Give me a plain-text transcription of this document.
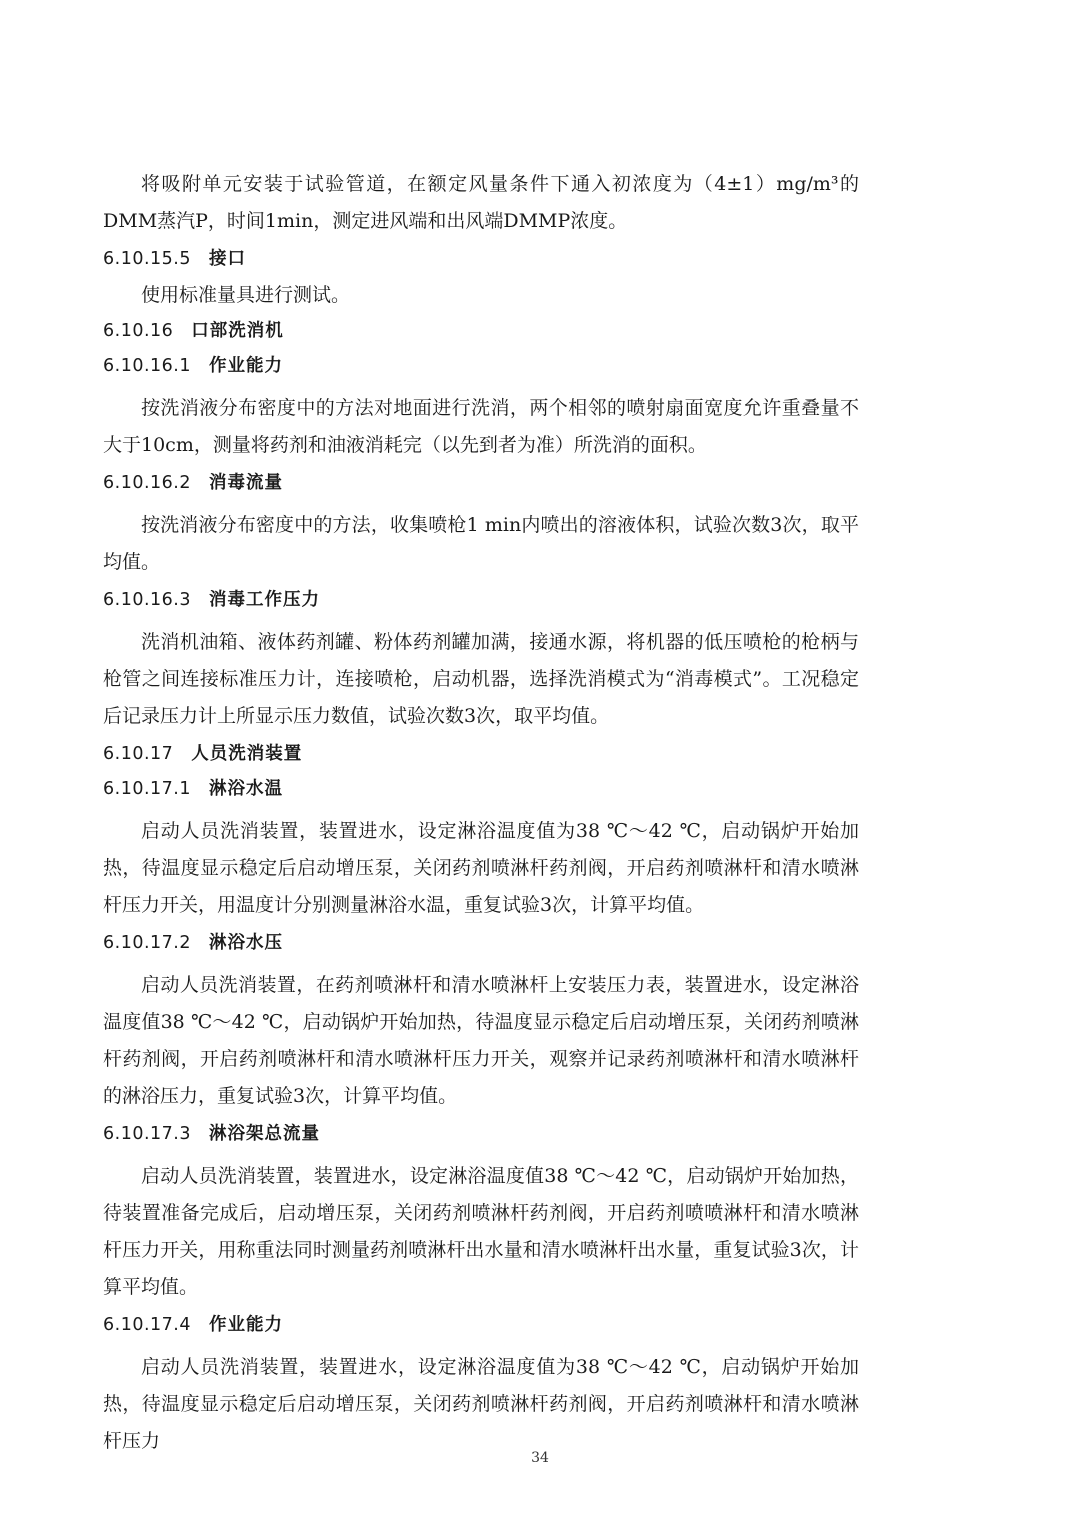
将吸附单元安装于试验管道，在额定风量条件下通入初浓度为（4±1）mg/m³的DMM蒸汽P，时间1min，测定进风端和出风端DMMP浓度。

6.10.15.5 接口

使用标准量具进行测试。

6.10.16 口部洗消机
6.10.16.1 作业能力

按洗消液分布密度中的方法对地面进行洗消，两个相邻的喷射扇面宽度允许重叠量不大于10cm，测量将药剂和油液消耗完（以先到者为准）所洗消的面积。

6.10.16.2 消毒流量

按洗消液分布密度中的方法，收集喷枪1 min内喷出的溶液体积，试验次数3次，取平均值。

6.10.16.3 消毒工作压力

洗消机油箱、液体药剂罐、粉体药剂罐加满，接通水源，将机器的低压喷枪的枪柄与枪管之间连接标准压力计，连接喷枪，启动机器，选择洗消模式为“消毒模式”。工况稳定后记录压力计上所显示压力数值，试验次数3次，取平均值。

6.10.17 人员洗消装置
6.10.17.1 淋浴水温

启动人员洗消装置，装置进水，设定淋浴温度值为38 ℃～42 ℃，启动锅炉开始加热，待温度显示稳定后启动增压泵，关闭药剂喷淋杆药剂阀，开启药剂喷淋杆和清水喷淋杆压力开关，用温度计分别测量淋浴水温，重复试验3次，计算平均值。

6.10.17.2 淋浴水压

启动人员洗消装置，在药剂喷淋杆和清水喷淋杆上安装压力表，装置进水，设定淋浴温度值38 ℃～42 ℃，启动锅炉开始加热，待温度显示稳定后启动增压泵，关闭药剂喷淋杆药剂阀，开启药剂喷淋杆和清水喷淋杆压力开关，观察并记录药剂喷淋杆和清水喷淋杆的淋浴压力，重复试验3次，计算平均值。

6.10.17.3 淋浴架总流量

启动人员洗消装置，装置进水，设定淋浴温度值38 ℃～42 ℃，启动锅炉开始加热，待装置准备完成后，启动增压泵，关闭药剂喷淋杆药剂阀，开启药剂喷喷淋杆和清水喷淋杆压力开关，用称重法同时测量药剂喷淋杆出水量和清水喷淋杆出水量，重复试验3次，计算平均值。

6.10.17.4 作业能力

启动人员洗消装置，装置进水，设定淋浴温度值为38 ℃～42 ℃，启动锅炉开始加热，待温度显示稳定后启动增压泵，关闭药剂喷淋杆药剂阀，开启药剂喷淋杆和清水喷淋杆压力

34
